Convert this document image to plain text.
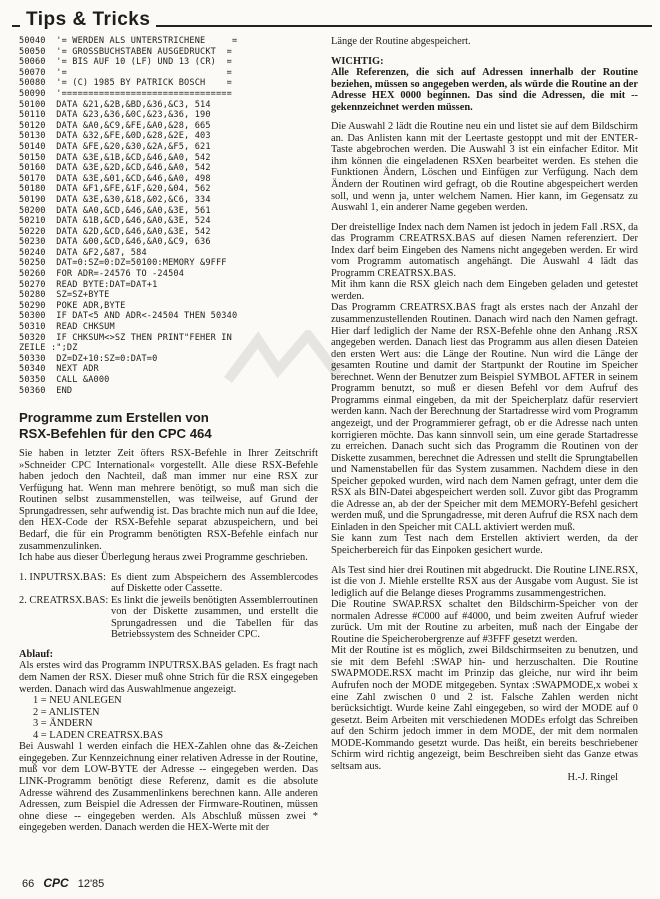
Tips & Tricks
50040  '= WERDEN ALS UNTERSTRICHENE     =
50050  '= GROSSBUCHSTABEN AUSGEDRUCKT  =
50060  '= BIS AUF 10 (LF) UND 13 (CR)  =
50070  '=                              =
50080  '= (C) 1985 BY PATRICK BOSCH    =
50090  '================================
50100  DATA &21,&2B,&BD,&36,&C3, 514
50110  DATA &23,&36,&0C,&23,&36, 190
50120  DATA &A0,&C9,&FE,&A0,&28, 665
50130  DATA &32,&FE,&0D,&28,&2E, 403
50140  DATA &FE,&20,&30,&2A,&F5, 621
50150  DATA &3E,&1B,&CD,&46,&A0, 542
50160  DATA &3E,&2D,&CD,&46,&A0, 542
50170  DATA &3E,&01,&CD,&46,&A0, 498
50180  DATA &F1,&FE,&1F,&20,&04, 562
50190  DATA &3E,&30,&18,&02,&C6, 334
50200  DATA &A0,&CD,&46,&A0,&3E, 561
50210  DATA &1B,&CD,&46,&A0,&3E, 524
50220  DATA &2D,&CD,&46,&A0,&3E, 542
50230  DATA &00,&CD,&46,&A0,&C9, 636
50240  DATA &F2,&87, 584
50250  DAT=0:SZ=0:DZ=50100:MEMORY &9FFF
50260  FOR ADR=-24576 TO -24504
50270  READ BYTE:DAT=DAT+1
50280  SZ=SZ+BYTE
50290  POKE ADR,BYTE
50300  IF DAT<5 AND ADR<-24504 THEN 50340
50310  READ CHKSUM
50320  IF CHKSUM<>SZ THEN PRINT"FEHER IN
ZEILE :";DZ
50330  DZ=DZ+10:SZ=0:DAT=0
50340  NEXT ADR
50350  CALL &A000
50360  END
Programme zum Erstellen von
RSX-Befehlen für den CPC 464

Sie haben in letzter Zeit öfters RSX-Befehle in Ihrer Zeitschrift »Schneider CPC International« vorgestellt. Alle diese RSX-Befehle haben jedoch den Nachteil, daß man immer nur eine RSX zur Verfügung hat. Wenn man mehrere benötigt, so muß man sich die Routinen selbst zusammenstellen, was teilweise, auf Grund der Sprungadressen, sehr aufwendig ist. Das brachte mich nun auf die Idee, den HEX-Code der RSX-Befehle separat abzuspeichern, und bei Bedarf, die für ein Programm benötigten RSX-Befehle einfach nur zusammenzulinken.

Ich habe aus dieser Überlegung heraus zwei Programme geschrieben.

1. INPUTRSX.BAS: Es dient zum Abspeichern des Assemblercodes auf Diskette oder Cassette.
2. CREATRSX.BAS: Es linkt die jeweils benötigten Assemblerroutinen von der Diskette zusammen, und erstellt die Sprungadressen und die Tabellen für das Betriebssystem des Schneider CPC.

Ablauf:

Als erstes wird das Programm INPUTRSX.BAS geladen. Es fragt nach dem Namen der RSX. Dieser muß ohne Strich für die RSX eingegeben werden. Danach wird das Auswahlmenue angezeigt.

1 = NEU ANLEGEN
2 = ANLISTEN
3 = ÄNDERN
4 = LADEN CREATRSX.BAS

Bei Auswahl 1 werden einfach die HEX-Zahlen ohne das &-Zeichen eingegeben. Zur Kennzeichnung einer relativen Adresse in der Routine, muß vor dem LOW-BYTE der Adresse -- eingegeben werden. Das LINK-Programm benötigt diese Referenz, damit es die absolute Adresse während des Zusammenlinkens berechnen kann. Alle anderen Adressen, zum Beispiel die Adressen der Firmware-Routinen, müssen ohne diese -- eingegeben werden. Als Abschluß müssen zwei * eingegeben werden. Danach werden die HEX-Werte mit der

Länge der Routine abgespeichert.

WICHTIG:

Alle Referenzen, die sich auf Adressen innerhalb der Routine beziehen, müssen so angegeben werden, als würde die Routine an der Adresse HEX 0000 beginnen. Das sind die Adressen, die mit -- gekennzeichnet werden müssen.

Die Auswahl 2 lädt die Routine neu ein und listet sie auf dem Bildschirm an. Das Anlisten kann mit der Leertaste gestoppt und mit der ENTER-Taste abgebrochen werden. Die Auswahl 3 ist ein einfacher Editor. Mit ihm können die eingeladenen RSXen bearbeitet werden. Es stehen die Funktionen Ändern, Löschen und Einfügen zur Verfügung. Nach dem Ändern der Routinen wird gefragt, ob die Routine abgespeichert werden soll, und wenn ja, unter welchem Namen. Hier kann, im Gegensatz zu Auswahl 1, ein anderer Name gegeben werden.

Der dreistellige Index nach dem Namen ist jedoch in jedem Fall .RSX, da das Programm CREATRSX.BAS auf diesen Namen referenziert. Der Index darf beim Eingeben des Namens nicht angegeben werden. Er wird vom Programm automatisch angehängt. Die Auswahl 4 lädt das Programm CREATRSX.BAS.

Mit ihm kann die RSX gleich nach dem Eingeben geladen und getestet werden.

Das Programm CREATRSX.BAS fragt als erstes nach der Anzahl der zusammenzustellenden Routinen. Danach wird nach den Namen gefragt. Hier darf lediglich der Name der RSX-Befehle ohne den Anhang .RSX angegeben werden. Danach liest das Programm aus allen diesen Dateien den ersten Wert aus: die Länge der Routine. Nun wird die Länge der gesamten Routine und damit der Startpunkt der Routine im Speicher berechnet. Wenn der Benutzer zum Beispiel SYMBOL AFTER in seinem Programm benutzt, so muß er diesen Befehl vor dem Aufruf des Programms einmal eingeben, da mit der Speicherplatz dafür reserviert werden kann. Nach der Berechnung der Startadresse wird vom Programm angezeigt, und der Programmierer gefragt, ob er die Adresse nach unten korrigieren möchte. Das kann sinnvoll sein, um eine gerade Startadresse zu erreichen. Danach sucht sich das Programm die Routinen von der Diskette zusammen, berechnet die Adressen und stellt die Sprungtabellen und Namenstabellen für das System zusammen. Nachdem diese in den Speicher gepoked wurden, wird nach dem Namen gefragt, unter dem die RSX als BIN-Datei abgespeichert werden soll. Zuvor gibt das Programm die Adresse an, ab der der Speicher mit dem MEMORY-Befehl gesichert werden muß, und die Sprungadresse, mit deren Aufruf die RSX nach dem Einladen in den Speicher mit CALL aktiviert werden muß.

Sie kann zum Test nach dem Erstellen aktiviert werden, da der Speicherbereich für das Einpoken gesichert wurde.

Als Test sind hier drei Routinen mit abgedruckt. Die Routine LINE.RSX, ist die von J. Miehle erstellte RSX aus der Ausgabe vom August. Sie ist lediglich auf die Belange dieses Programms zusammengestrichen.

Die Routine SWAP.RSX schaltet den Bildschirm-Speicher von der normalen Adresse #C000 auf #4000, und beim zweiten Aufruf wieder zurück. Um mit der Routine zu arbeiten, muß nach der Eingabe der Routine die Speicherobergrenze auf #3FFF gesetzt werden.

Mit der Routine ist es möglich, zwei Bildschirmseiten zu benutzen, und sie mit dem Befehl :SWAP hin- und herzuschalten. Die Routine SWAPMODE.RSX macht im Prinzip das gleiche, nur wird ihr beim Aufrufen noch der MODE mitgegeben. Syntax :SWAPMODE,x wobei x eine Zahl zwischen 0 und 2 ist. Falsche Zahlen werden nicht berücksichtigt. Wurde keine Zahl eingegeben, so wird der MODE auf 0 gesetzt. Beim Arbeiten mit verschiedenen MODEs erfolgt das Schreiben auf den Schirm jedoch immer in dem MODE, der mit dem normalen MODE-Kommando gesetzt wurde. Das heißt, ein bereits beschriebener Schirm wird richtig angezeigt, beim Beschreiben sieht das Ganze etwas seltsam aus.

H.-J. Ringel

66 CPC 12'85
